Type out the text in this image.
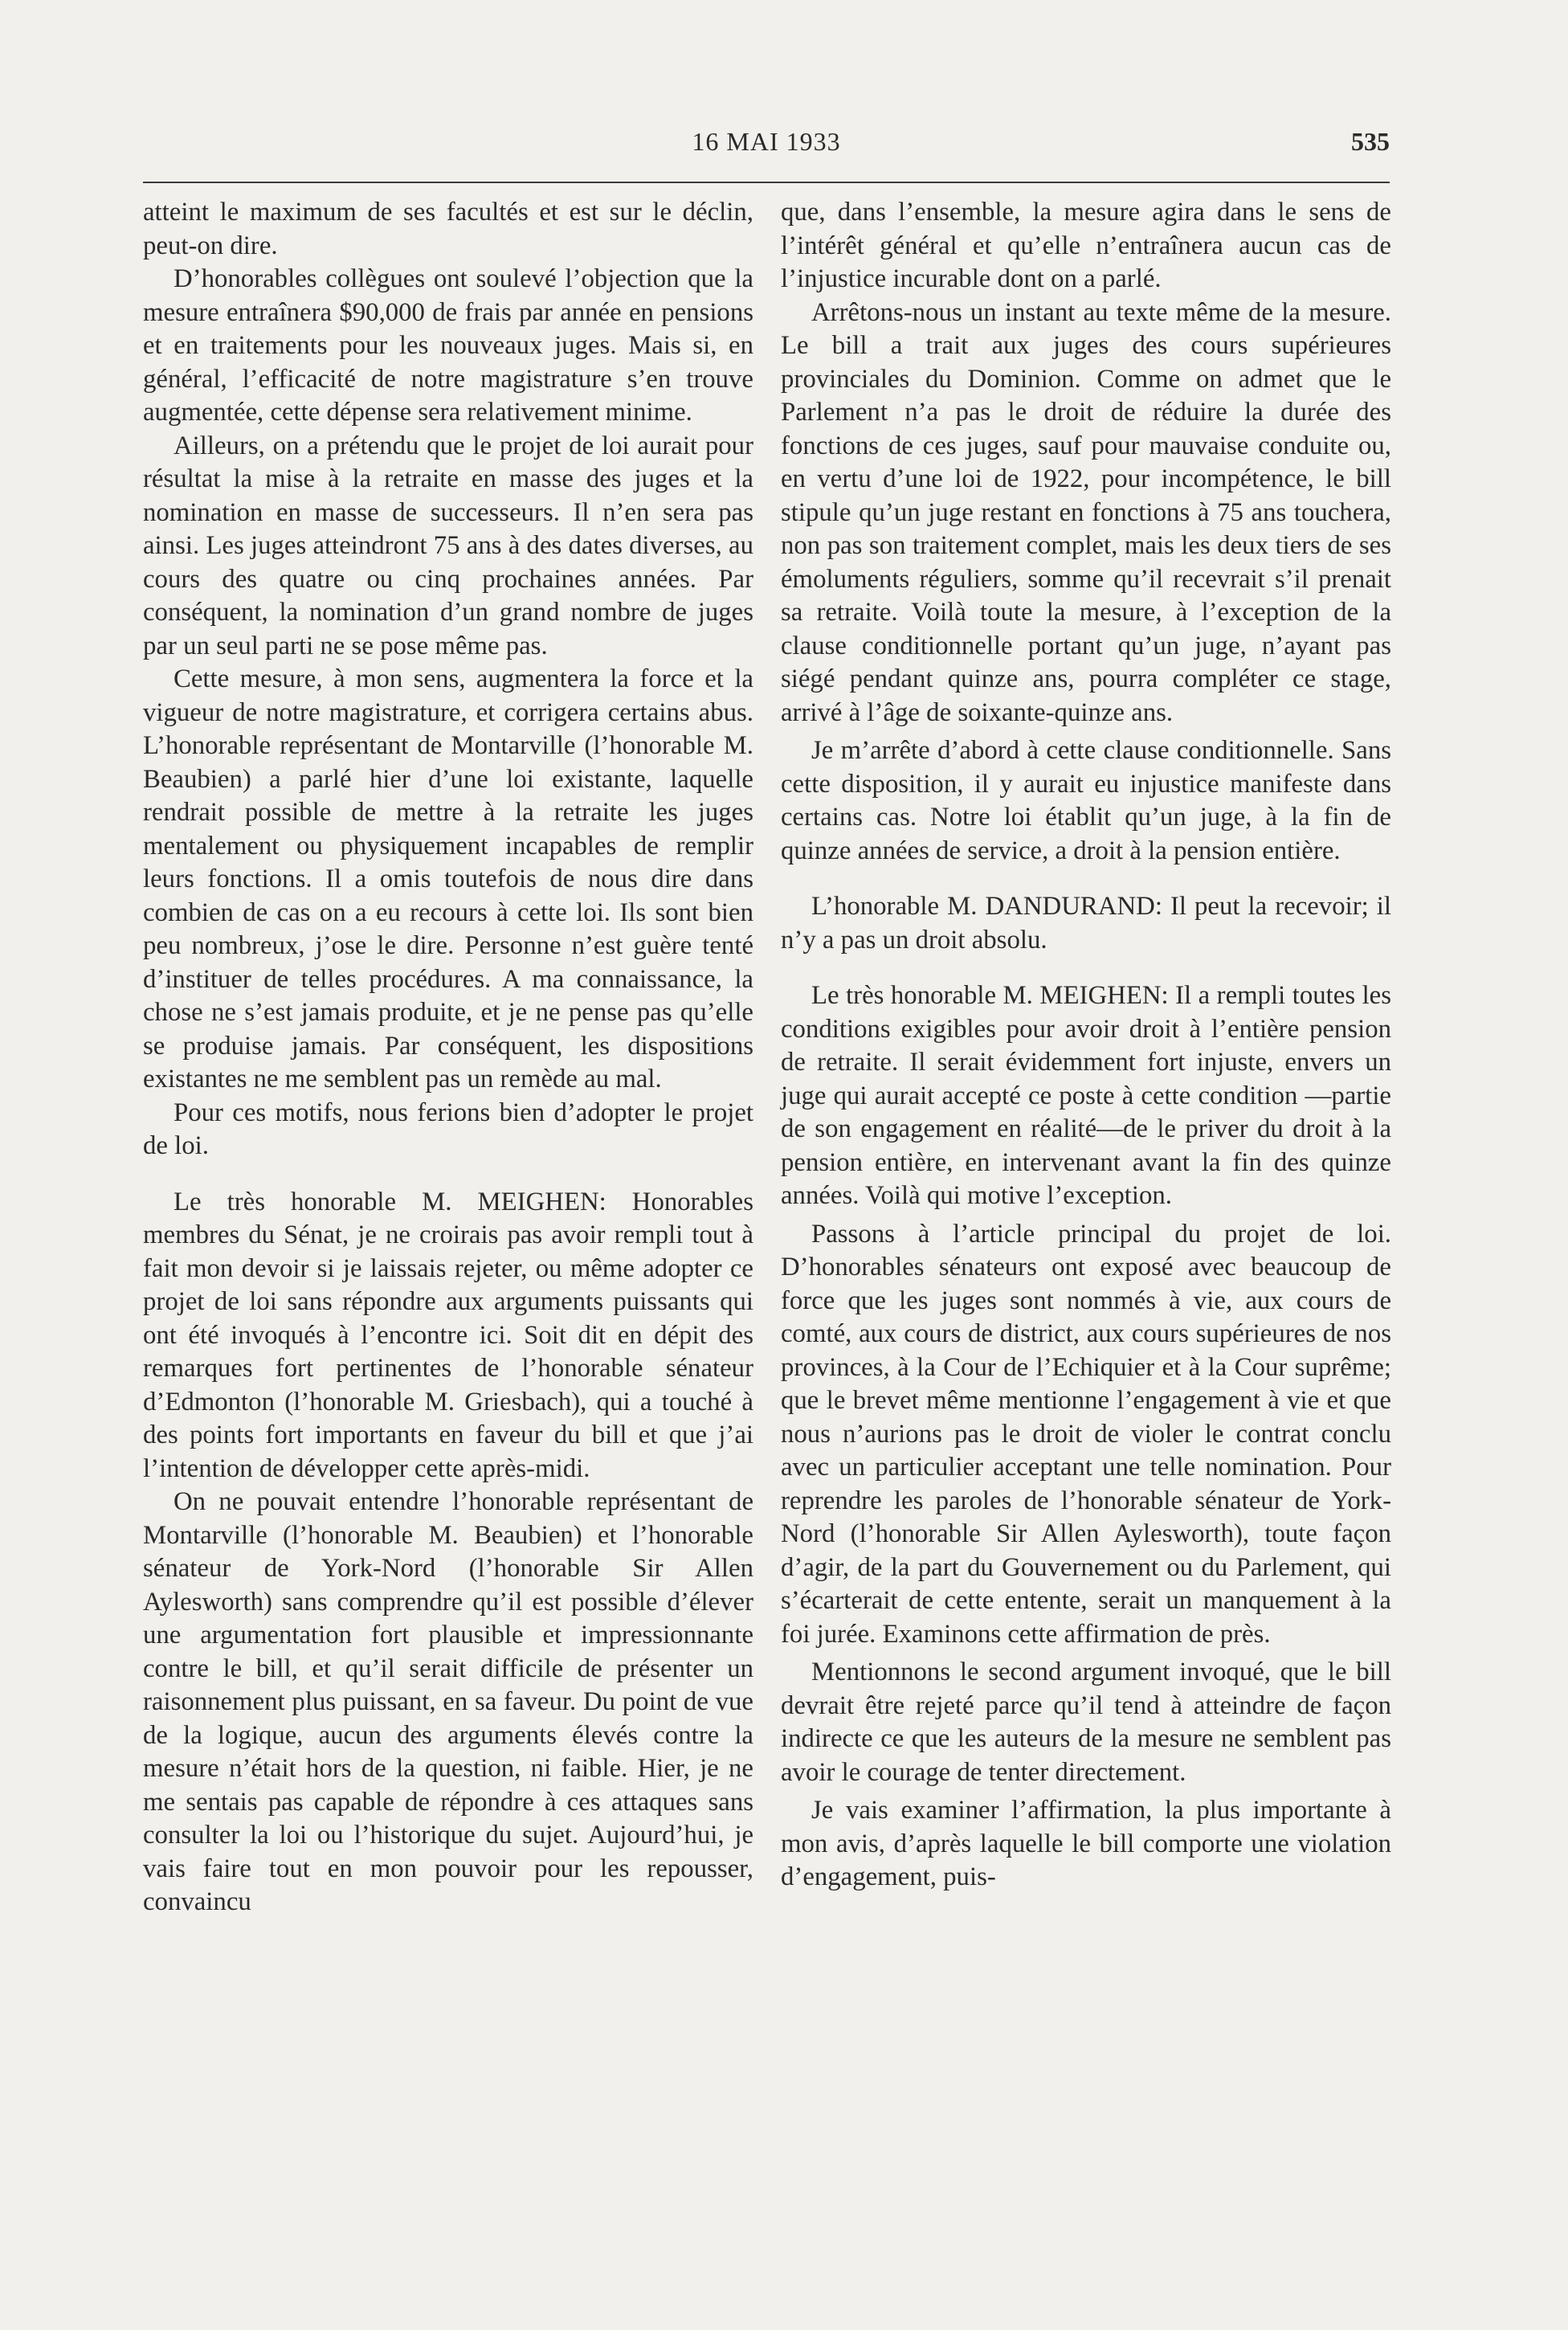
16 MAI 1933	535

atteint le maximum de ses facultés et est sur le déclin, peut-on dire.

D’honorables collègues ont soulevé l’objection que la mesure entraînera $90,000 de frais par année en pensions et en traitements pour les nouveaux juges. Mais si, en général, l’efficacité de notre magistrature s’en trouve augmentée, cette dépense sera relativement minime.

Ailleurs, on a prétendu que le projet de loi aurait pour résultat la mise à la retraite en masse des juges et la nomination en masse de successeurs. Il n’en sera pas ainsi. Les juges atteindront 75 ans à des dates diverses, au cours des quatre ou cinq prochaines années. Par conséquent, la nomination d’un grand nombre de juges par un seul parti ne se pose même pas.

Cette mesure, à mon sens, augmentera la force et la vigueur de notre magistrature, et corrigera certains abus. L’honorable représentant de Montarville (l’honorable M. Beaubien) a parlé hier d’une loi existante, laquelle rendrait possible de mettre à la retraite les juges mentalement ou physiquement incapables de remplir leurs fonctions. Il a omis toutefois de nous dire dans combien de cas on a eu recours à cette loi. Ils sont bien peu nombreux, j’ose le dire. Personne n’est guère tenté d’instituer de telles procédures. A ma connaissance, la chose ne s’est jamais produite, et je ne pense pas qu’elle se produise jamais. Par conséquent, les dispositions existantes ne me semblent pas un remède au mal.

Pour ces motifs, nous ferions bien d’adopter le projet de loi.

Le très honorable M. MEIGHEN: Honorables membres du Sénat, je ne croirais pas avoir rempli tout à fait mon devoir si je laissais rejeter, ou même adopter ce projet de loi sans répondre aux arguments puissants qui ont été invoqués à l’encontre ici. Soit dit en dépit des remarques fort pertinentes de l’honorable sénateur d’Edmonton (l’honorable M. Griesbach), qui a touché à des points fort importants en faveur du bill et que j’ai l’intention de développer cette après-midi.

On ne pouvait entendre l’honorable représentant de Montarville (l’honorable M. Beaubien) et l’honorable sénateur de York-Nord (l’honorable Sir Allen Aylesworth) sans comprendre qu’il est possible d’élever une argumentation fort plausible et impressionnante contre le bill, et qu’il serait difficile de présenter un raisonnement plus puissant, en sa faveur. Du point de vue de la logique, aucun des arguments élevés contre la mesure n’était hors de la question, ni faible. Hier, je ne me sentais pas capable de répondre à ces attaques sans consulter la loi ou l’historique du sujet. Aujourd’hui, je vais faire tout en mon pouvoir pour les repousser, convaincu

que, dans l’ensemble, la mesure agira dans le sens de l’intérêt général et qu’elle n’entraînera aucun cas de l’injustice incurable dont on a parlé.

Arrêtons-nous un instant au texte même de la mesure. Le bill a trait aux juges des cours supérieures provinciales du Dominion. Comme on admet que le Parlement n’a pas le droit de réduire la durée des fonctions de ces juges, sauf pour mauvaise conduite ou, en vertu d’une loi de 1922, pour incompétence, le bill stipule qu’un juge restant en fonctions à 75 ans touchera, non pas son traitement complet, mais les deux tiers de ses émoluments réguliers, somme qu’il recevrait s’il prenait sa retraite. Voilà toute la mesure, à l’exception de la clause conditionnelle portant qu’un juge, n’ayant pas siégé pendant quinze ans, pourra compléter ce stage, arrivé à l’âge de soixante-quinze ans.

Je m’arrête d’abord à cette clause conditionnelle. Sans cette disposition, il y aurait eu injustice manifeste dans certains cas. Notre loi établit qu’un juge, à la fin de quinze années de service, a droit à la pension entière.

L’honorable M. DANDURAND: Il peut la recevoir; il n’y a pas un droit absolu.

Le très honorable M. MEIGHEN: Il a rempli toutes les conditions exigibles pour avoir droit à l’entière pension de retraite. Il serait évidemment fort injuste, envers un juge qui aurait accepté ce poste à cette condition —partie de son engagement en réalité—de le priver du droit à la pension entière, en intervenant avant la fin des quinze années. Voilà qui motive l’exception.

Passons à l’article principal du projet de loi. D’honorables sénateurs ont exposé avec beaucoup de force que les juges sont nommés à vie, aux cours de comté, aux cours de district, aux cours supérieures de nos provinces, à la Cour de l’Echiquier et à la Cour suprême; que le brevet même mentionne l’engagement à vie et que nous n’aurions pas le droit de violer le contrat conclu avec un particulier acceptant une telle nomination. Pour reprendre les paroles de l’honorable sénateur de York-Nord (l’honorable Sir Allen Aylesworth), toute façon d’agir, de la part du Gouvernement ou du Parlement, qui s’écarterait de cette entente, serait un manquement à la foi jurée. Examinons cette affirmation de près.

Mentionnons le second argument invoqué, que le bill devrait être rejeté parce qu’il tend à atteindre de façon indirecte ce que les auteurs de la mesure ne semblent pas avoir le courage de tenter directement.

Je vais examiner l’affirmation, la plus importante à mon avis, d’après laquelle le bill comporte une violation d’engagement, puis-
